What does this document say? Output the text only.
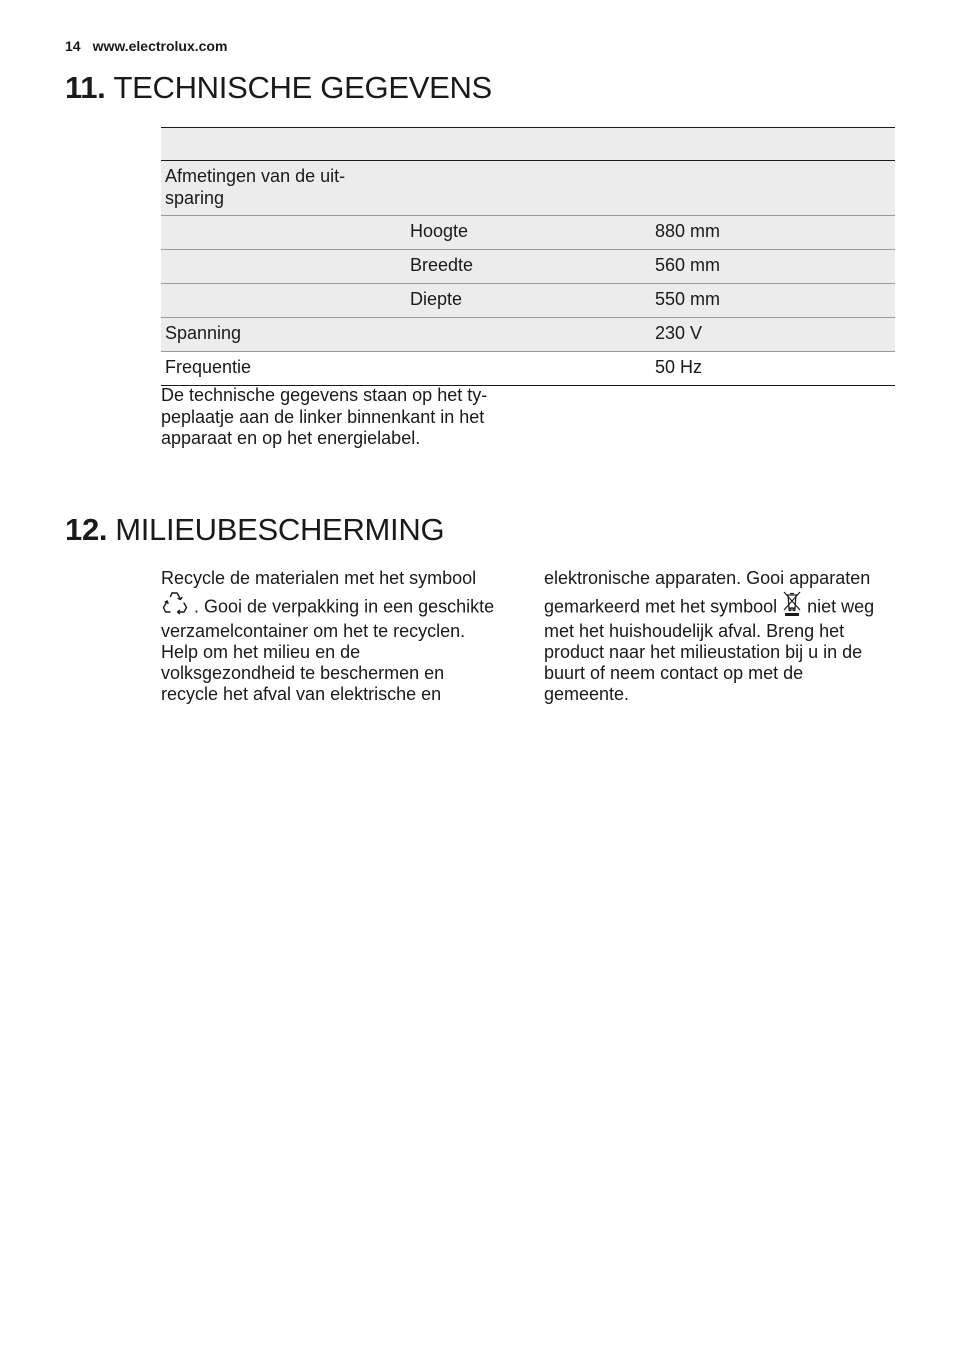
14 www.electrolux.com
11. TECHNISCHE GEGEVENS

Afmetingen van de uit-
sparing		
	Hoogte	880 mm
	Breedte	560 mm
	Diepte	550 mm
Spanning		230 V
Frequentie		50 Hz

De technische gegevens staan op het ty-
peplaatje aan de linker binnenkant in het
apparaat en op het energielabel.

12. MILIEUBESCHERMING

Recycle de materialen met het symbool
. Gooi de verpakking in een geschikte
verzamelcontainer om het te recyclen.
Help om het milieu en de
volksgezondheid te beschermen en
recycle het afval van elektrische en

elektronische apparaten. Gooi apparaten
gemarkeerd met het symbool niet weg
met het huishoudelijk afval. Breng het
product naar het milieustation bij u in de
buurt of neem contact op met de
gemeente.
